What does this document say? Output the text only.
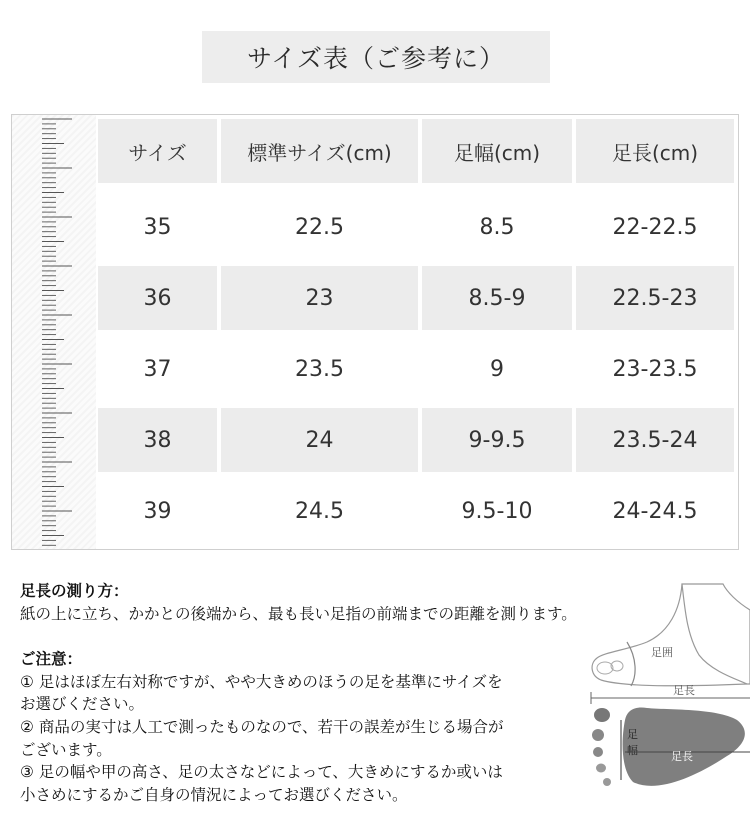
サイズ表（ご参考に）
サイズ	標準サイズ(cm)	足幅(cm)	足長(cm)
35	22.5	8.5	22-22.5
36	23	8.5-9	22.5-23
37	23.5	9	23-23.5
38	24	9-9.5	23.5-24
39	24.5	9.5-10	24-24.5
足長の測り方：
紙の上に立ち、かかとの後端から、最も長い足指の前端までの距離を測ります。
ご注意：
① 足はほぼ左右対称ですが、やや大きめのほうの足を基準にサイズを
お選びください。
② 商品の実寸は人工で測ったものなので、若干の誤差が生じる場合が
ございます。
③ 足の幅や甲の高さ、足の太さなどによって、大きめにするか或いは
小さめにするかご自身の情況によってお選びください。
足囲
足長
足
幅	足長
